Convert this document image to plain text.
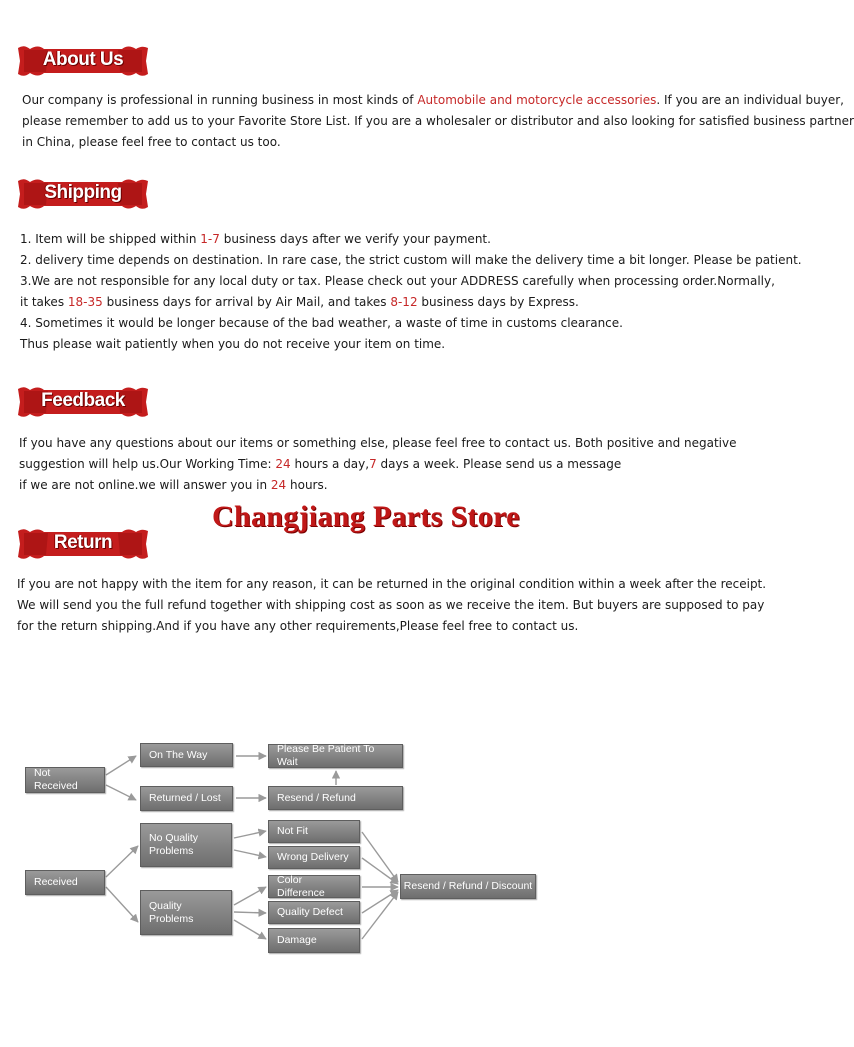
About Us
Our company is professional in running business in most kinds of Automobile and motorcycle accessories. If you are an individual buyer,
please remember to add us to your Favorite Store List. If you are a wholesaler or distributor and also looking for satisfied business partner
in China, please feel free to contact us too.
Shipping
1. Item will be shipped within 1-7 business days after we verify your payment.
2. delivery time depends on destination. In rare case, the strict custom will make the delivery time a bit longer. Please be patient.
3.We are not responsible for any local duty or tax. Please check out your ADDRESS carefully when processing order.Normally,
it takes 18-35 business days for arrival by Air Mail, and takes 8-12 business days by Express.
4. Sometimes it would be longer because of the bad weather, a waste of time in customs clearance.
Thus please wait patiently when you do not receive your item on time.
Feedback
If you have any questions about our items or something else, please feel free to contact us. Both positive and negative
suggestion will help us.Our Working Time: 24 hours a day,7 days a week. Please send us a message
if we are not online.we will answer you in 24 hours.
Changjiang Parts Store
Return
If you are not happy with the item for any reason, it can be returned in the original condition within a week after the receipt.
We will send you the full refund together with shipping cost as soon as we receive the item. But buyers are supposed to pay
for the return shipping.And if you have any other requirements,Please feel free to contact us.
Not Received
On The Way
Returned / Lost
Please Be Patient To Wait
Resend / Refund
Received
No Quality Problems
Quality Problems
Not Fit
Wrong Delivery
Color Difference
Quality Defect
Damage
Resend / Refund / Discount
